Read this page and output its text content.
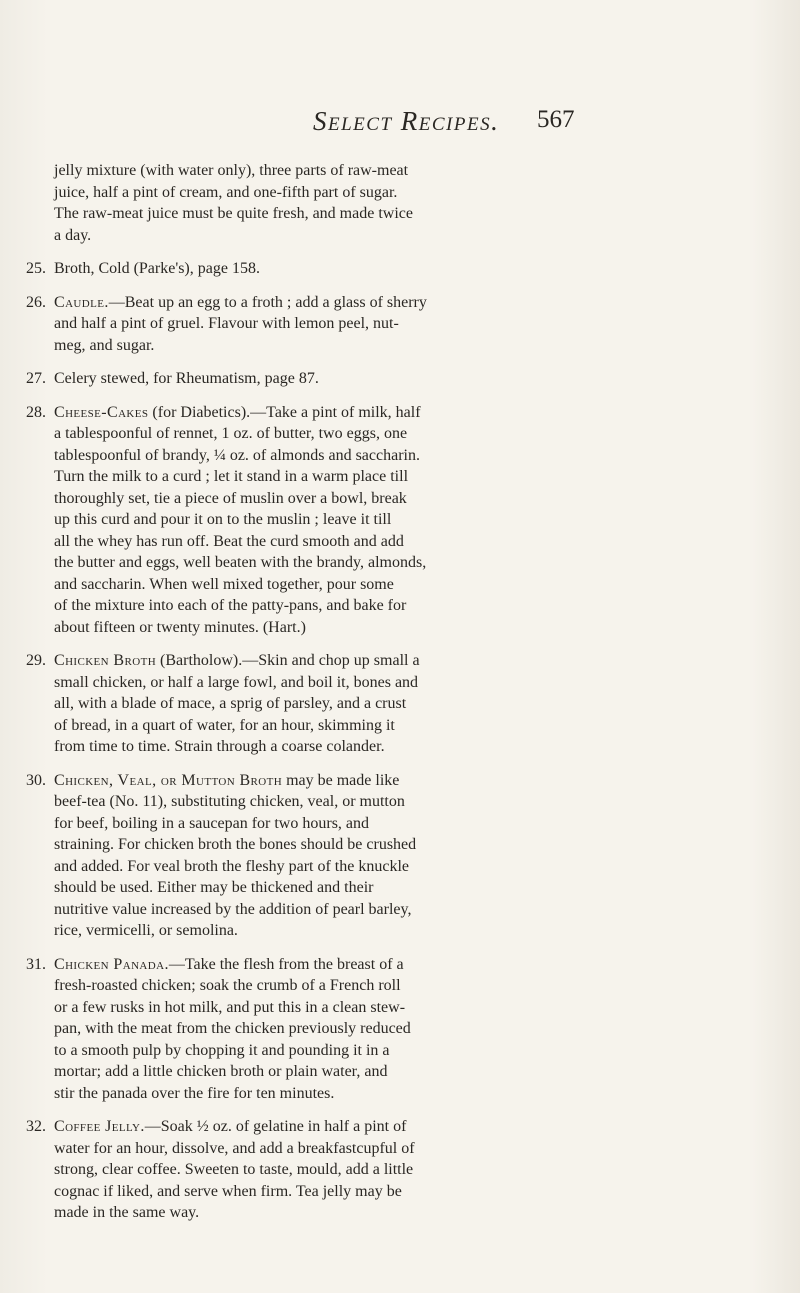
Select Recipes. 567
jelly mixture (with water only), three parts of raw-meat
juice, half a pint of cream, and one-fifth part of sugar.
The raw-meat juice must be quite fresh, and made twice
a day.
25. Broth, Cold (Parke's), page 158.
26. Caudle.—Beat up an egg to a froth ; add a glass of sherry
and half a pint of gruel. Flavour with lemon peel, nut-
meg, and sugar.
27. Celery stewed, for Rheumatism, page 87.
28. Cheese-Cakes (for Diabetics).—Take a pint of milk, half
a tablespoonful of rennet, 1 oz. of butter, two eggs, one
tablespoonful of brandy, ¼ oz. of almonds and saccharin.
Turn the milk to a curd ; let it stand in a warm place till
thoroughly set, tie a piece of muslin over a bowl, break
up this curd and pour it on to the muslin ; leave it till
all the whey has run off. Beat the curd smooth and add
the butter and eggs, well beaten with the brandy, almonds,
and saccharin. When well mixed together, pour some
of the mixture into each of the patty-pans, and bake for
about fifteen or twenty minutes. (Hart.)
29. Chicken Broth (Bartholow).—Skin and chop up small a
small chicken, or half a large fowl, and boil it, bones and
all, with a blade of mace, a sprig of parsley, and a crust
of bread, in a quart of water, for an hour, skimming it
from time to time. Strain through a coarse colander.
30. Chicken, Veal, or Mutton Broth may be made like
beef-tea (No. 11), substituting chicken, veal, or mutton
for beef, boiling in a saucepan for two hours, and
straining. For chicken broth the bones should be crushed
and added. For veal broth the fleshy part of the knuckle
should be used. Either may be thickened and their
nutritive value increased by the addition of pearl barley,
rice, vermicelli, or semolina.
31. Chicken Panada.—Take the flesh from the breast of a
fresh-roasted chicken; soak the crumb of a French roll
or a few rusks in hot milk, and put this in a clean stew-
pan, with the meat from the chicken previously reduced
to a smooth pulp by chopping it and pounding it in a
mortar; add a little chicken broth or plain water, and
stir the panada over the fire for ten minutes.
32. Coffee Jelly.—Soak ½ oz. of gelatine in half a pint of
water for an hour, dissolve, and add a breakfastcupful of
strong, clear coffee. Sweeten to taste, mould, add a little
cognac if liked, and serve when firm. Tea jelly may be
made in the same way.
